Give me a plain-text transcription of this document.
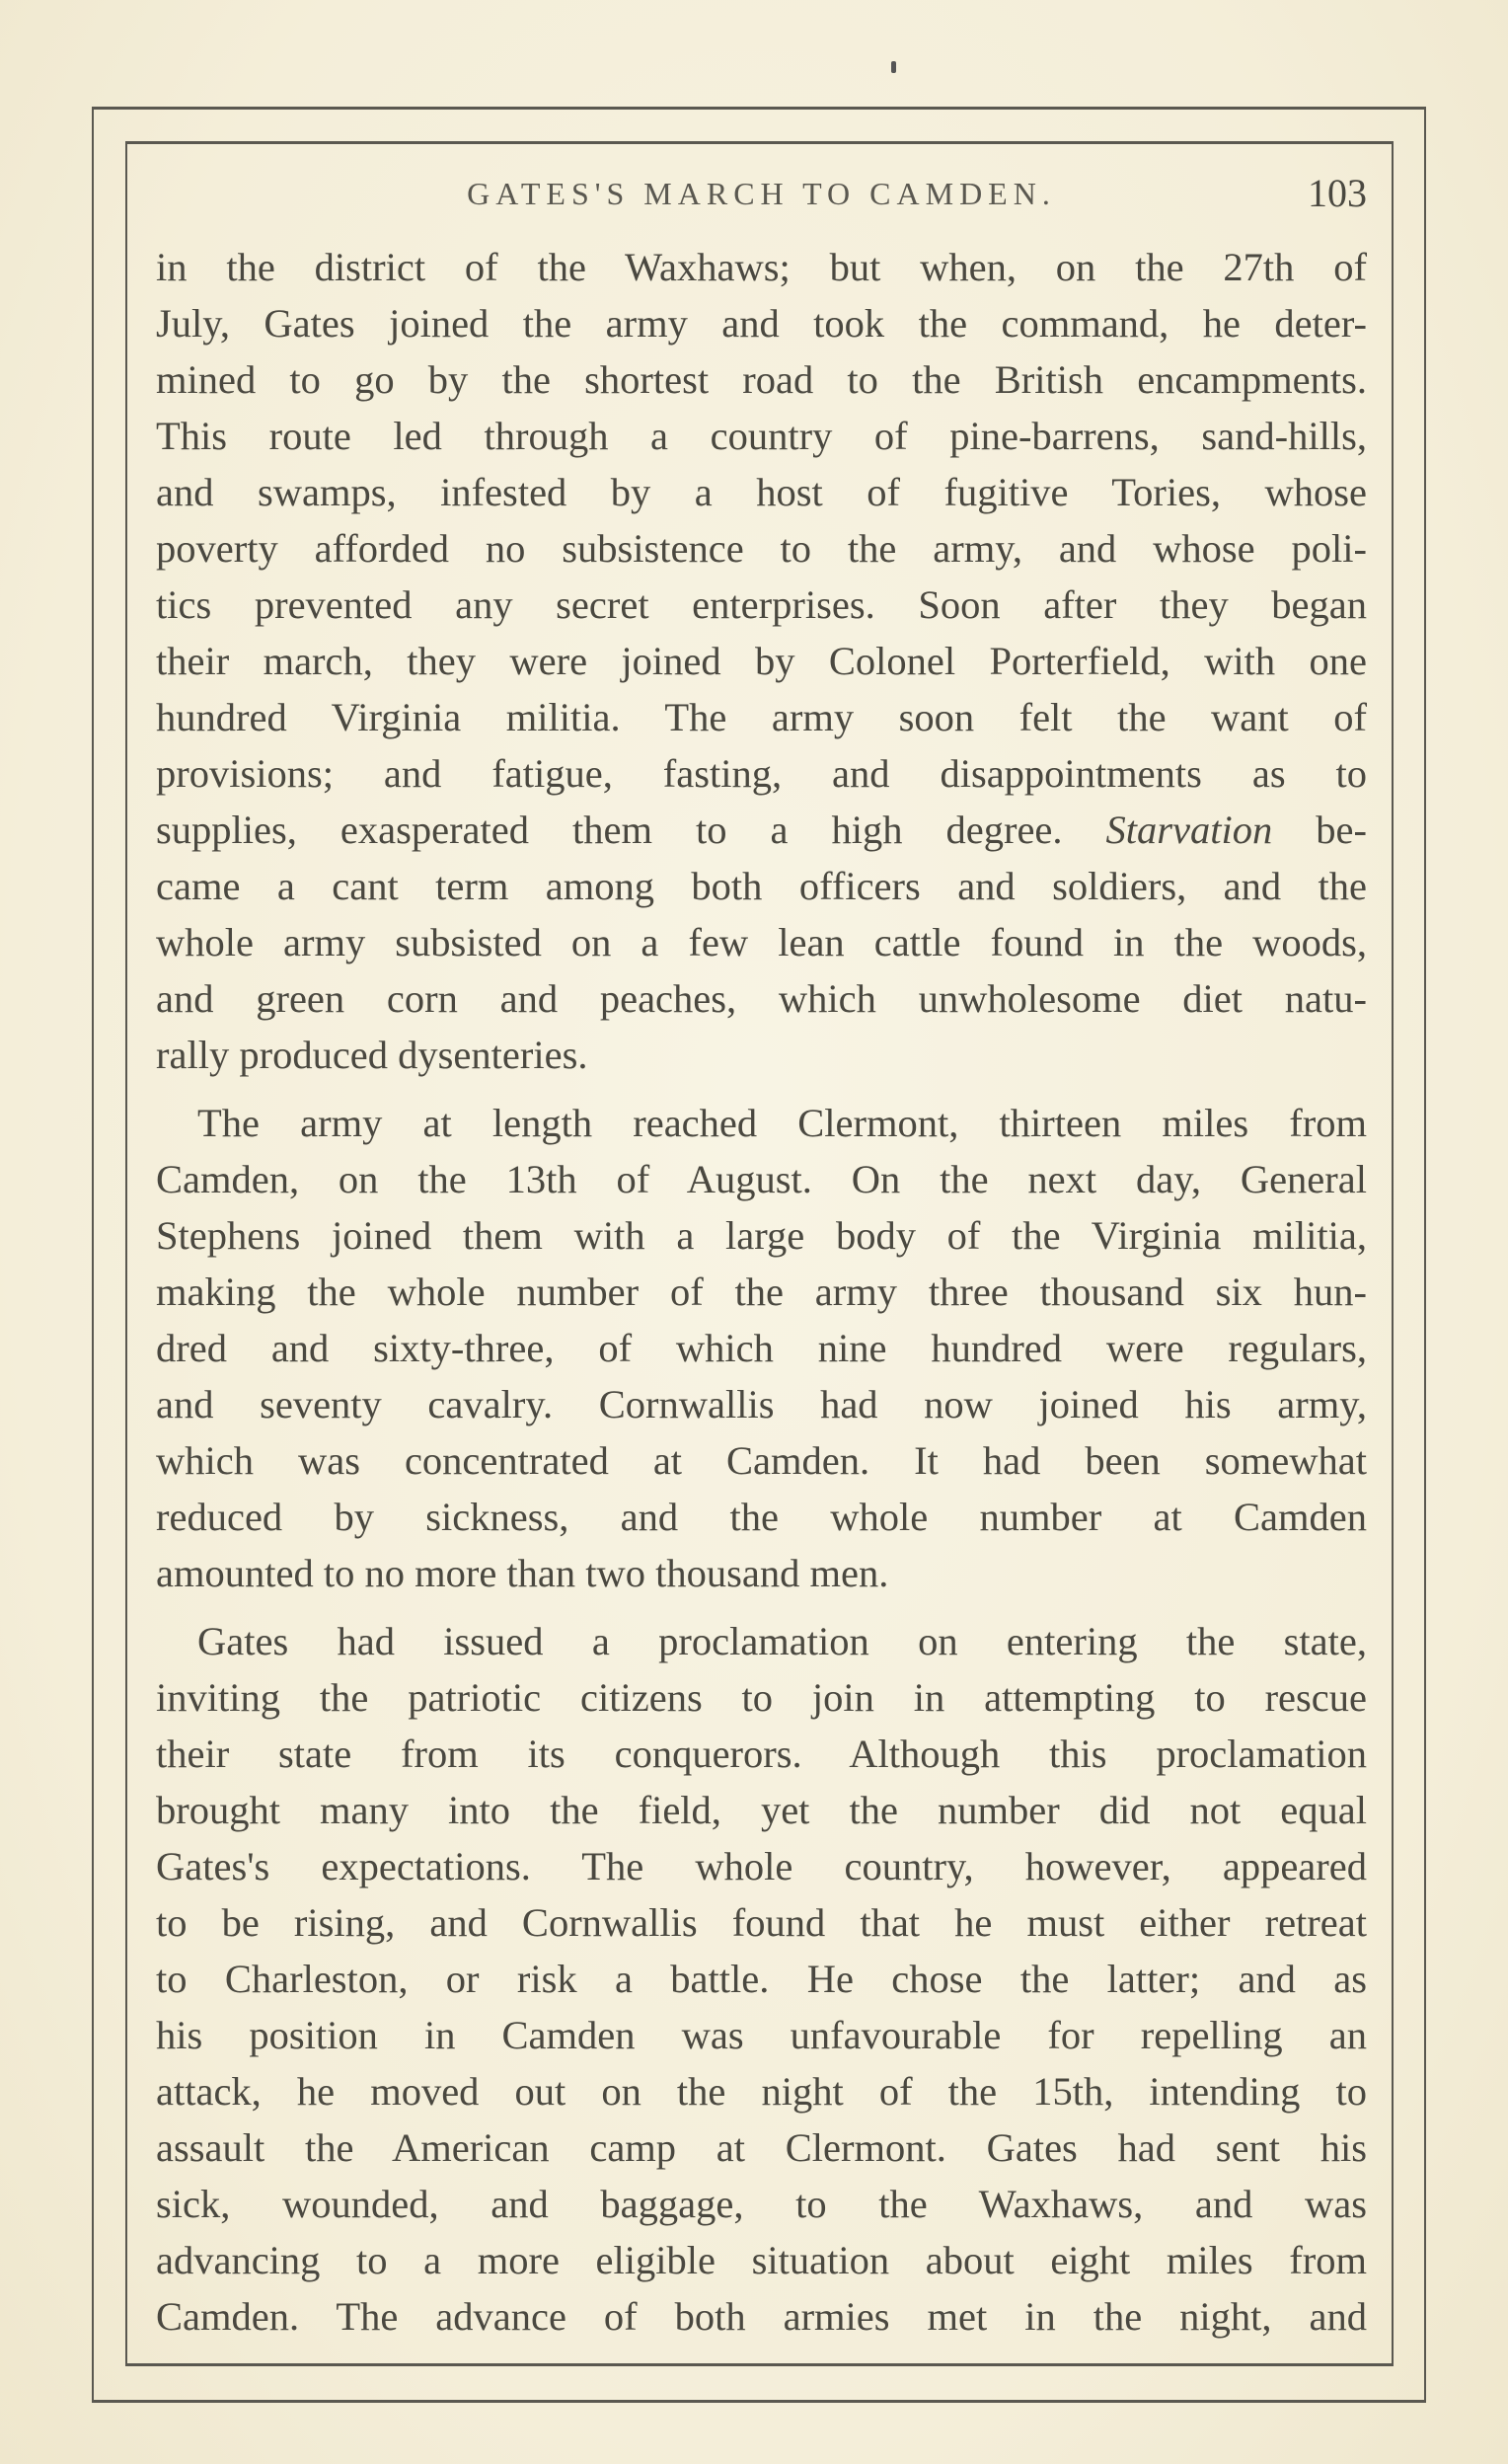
GATES'S MARCH TO CAMDEN.	103
in the district of the Waxhaws; but when, on the 27th of
July, Gates joined the army and took the command, he deter-
mined to go by the shortest road to the British encampments.
This route led through a country of pine-barrens, sand-hills,
and swamps, infested by a host of fugitive Tories, whose
poverty afforded no subsistence to the army, and whose poli-
tics prevented any secret enterprises. Soon after they began
their march, they were joined by Colonel Porterfield, with one
hundred Virginia militia. The army soon felt the want of
provisions; and fatigue, fasting, and disappointments as to
supplies, exasperated them to a high degree. Starvation be-
came a cant term among both officers and soldiers, and the
whole army subsisted on a few lean cattle found in the woods,
and green corn and peaches, which unwholesome diet natu-
rally produced dysenteries.
The army at length reached Clermont, thirteen miles from
Camden, on the 13th of August. On the next day, General
Stephens joined them with a large body of the Virginia militia,
making the whole number of the army three thousand six hun-
dred and sixty-three, of which nine hundred were regulars,
and seventy cavalry. Cornwallis had now joined his army,
which was concentrated at Camden. It had been somewhat
reduced by sickness, and the whole number at Camden
amounted to no more than two thousand men.
Gates had issued a proclamation on entering the state,
inviting the patriotic citizens to join in attempting to rescue
their state from its conquerors. Although this proclamation
brought many into the field, yet the number did not equal
Gates's expectations. The whole country, however, appeared
to be rising, and Cornwallis found that he must either retreat
to Charleston, or risk a battle. He chose the latter; and as
his position in Camden was unfavourable for repelling an
attack, he moved out on the night of the 15th, intending to
assault the American camp at Clermont. Gates had sent his
sick, wounded, and baggage, to the Waxhaws, and was
advancing to a more eligible situation about eight miles from
Camden. The advance of both armies met in the night, and
